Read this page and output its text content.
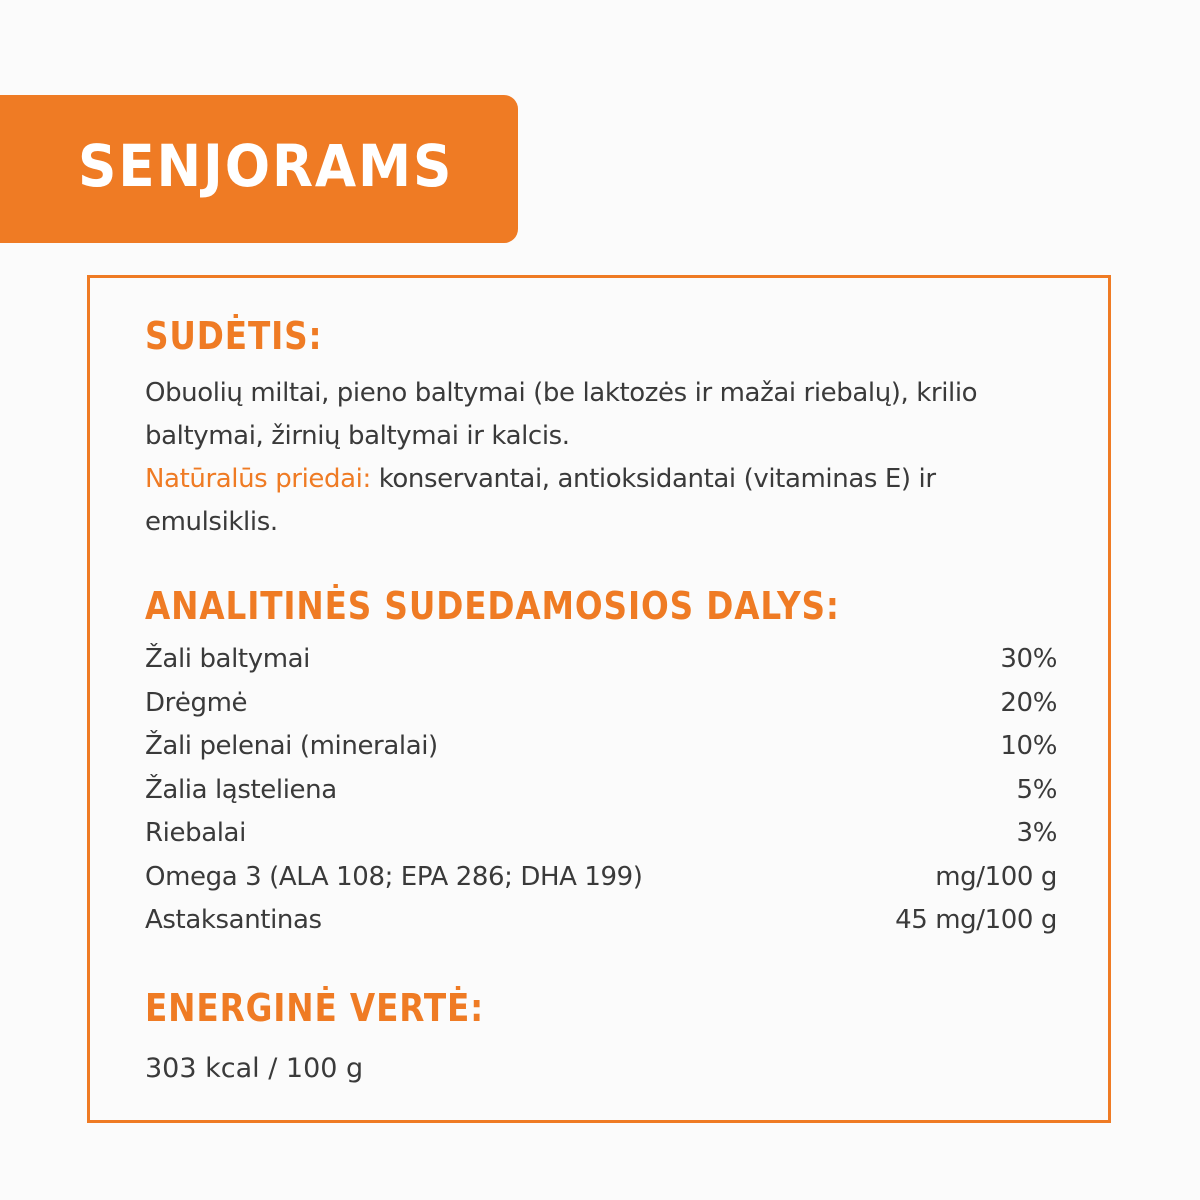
SENJORAMS
SUDĖTIS:

Obuolių miltai, pieno baltymai (be laktozės ir mažai riebalų), krilio baltymai, žirnių baltymai ir kalcis.

Natūralūs priedai: konservantai, antioksidantai (vitaminas E) ir emulsiklis.

ANALITINĖS SUDEDAMOSIOS DALYS:
Žali baltymai	30%
Drėgmė	20%
Žali pelenai (mineralai)	10%
Žalia ląsteliena	5%
Riebalai	3%
Omega 3 (ALA 108; EPA 286; DHA 199)	mg/100 g
Astaksantinas	45 mg/100 g
ENERGINĖ VERTĖ:

303 kcal / 100 g
